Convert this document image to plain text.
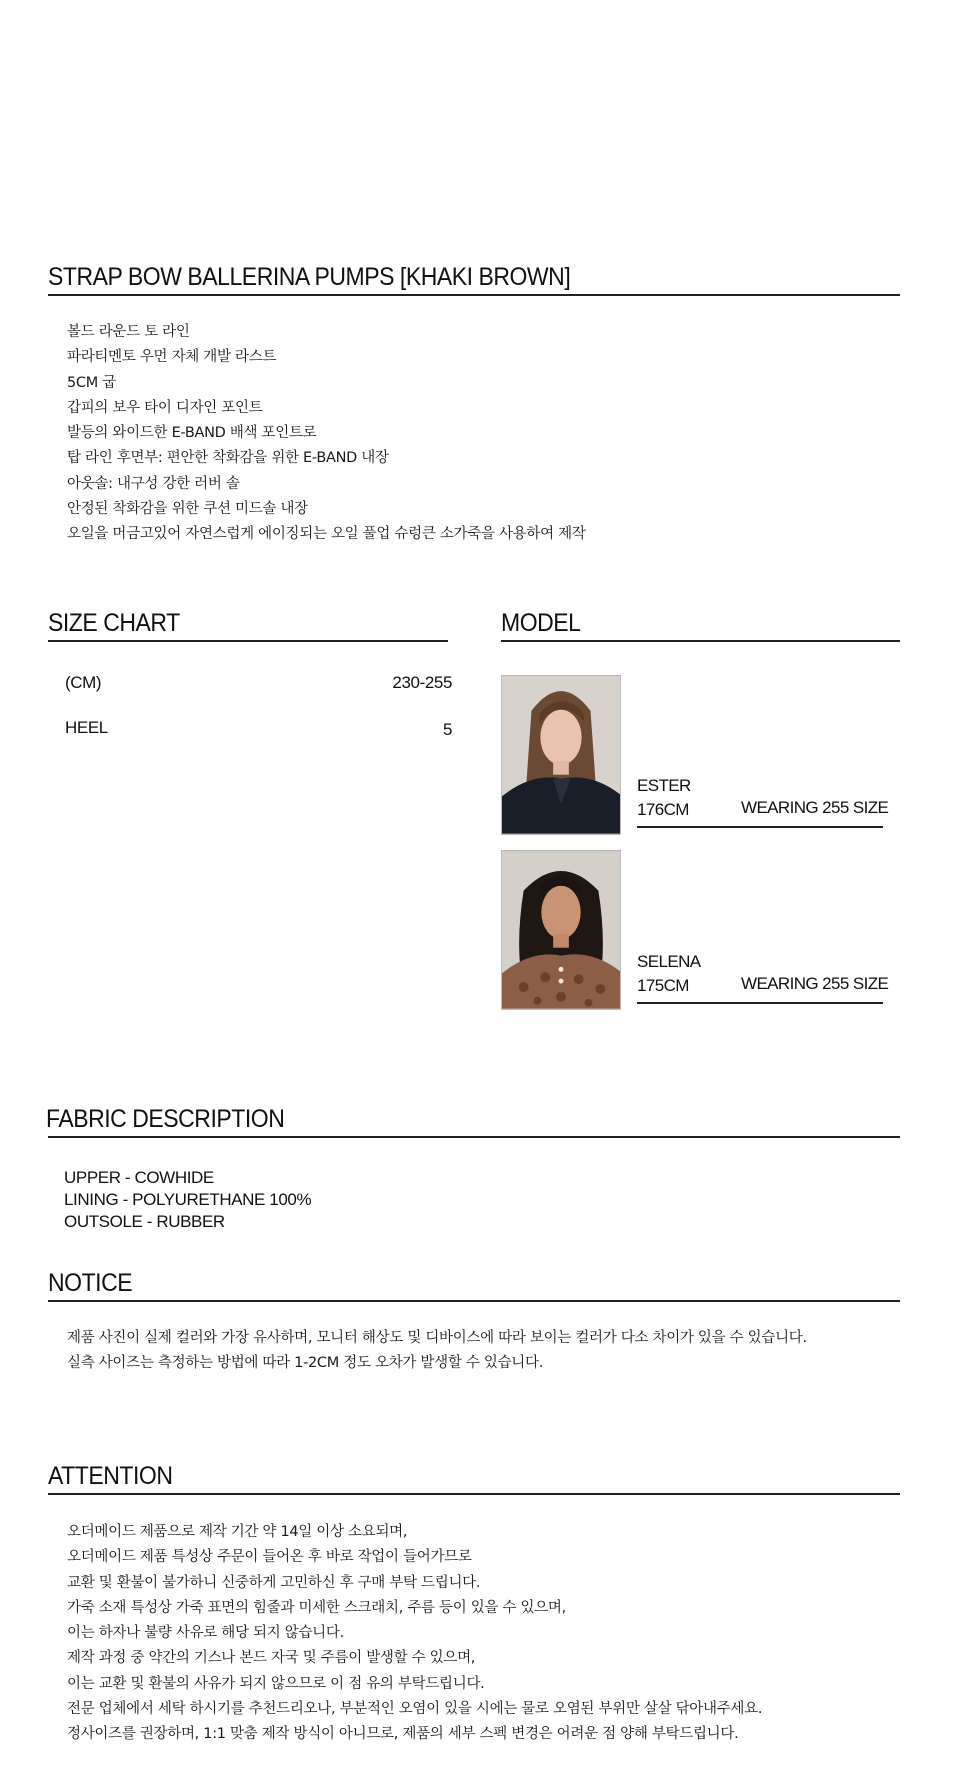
STRAP BOW BALLERINA PUMPS [KHAKI BROWN]
볼드 라운드 토 라인
파라티멘토 우먼 자체 개발 라스트
5CM 굽
갑피의 보우 타이 디자인 포인트
발등의 와이드한 E-BAND 배색 포인트로
탑 라인 후면부: 편안한 착화감을 위한 E-BAND 내장
아웃솔: 내구성 강한 러버 솔
안정된 착화감을 위한 쿠션 미드솔 내장
오일을 머금고있어 자연스럽게 에이징되는 오일 풀업 슈렁큰 소가죽을 사용하여 제작
SIZE CHART
(CM)	230-255
HEEL	5
MODEL
ESTER
176CM	WEARING 255 SIZE
SELENA
175CM	WEARING 255 SIZE
FABRIC DESCRIPTION
UPPER - COWHIDE
LINING - POLYURETHANE 100%
OUTSOLE - RUBBER
NOTICE
제품 사진이 실제 컬러와 가장 유사하며, 모니터 해상도 및 디바이스에 따라 보이는 컬러가 다소 차이가 있을 수 있습니다.
실측 사이즈는 측정하는 방법에 따라 1-2CM 정도 오차가 발생할 수 있습니다.
ATTENTION
오더메이드 제품으로 제작 기간 약 14일 이상 소요되며,
오더메이드 제품 특성상 주문이 들어온 후 바로 작업이 들어가므로
교환 및 환불이 불가하니 신중하게 고민하신 후 구매 부탁 드립니다.
가죽 소재 특성상 가죽 표면의 힘줄과 미세한 스크래치, 주름 등이 있을 수 있으며,
이는 하자나 불량 사유로 해당 되지 않습니다.
제작 과정 중 약간의 기스나 본드 자국 및 주름이 발생할 수 있으며,
이는 교환 및 환불의 사유가 되지 않으므로 이 점 유의 부탁드립니다.
전문 업체에서 세탁 하시기를 추천드리오나, 부분적인 오염이 있을 시에는 물로 오염된 부위만 살살 닦아내주세요.
정사이즈를 권장하며, 1:1 맞춤 제작 방식이 아니므로, 제품의 세부 스펙 변경은 어려운 점 양해 부탁드립니다.
